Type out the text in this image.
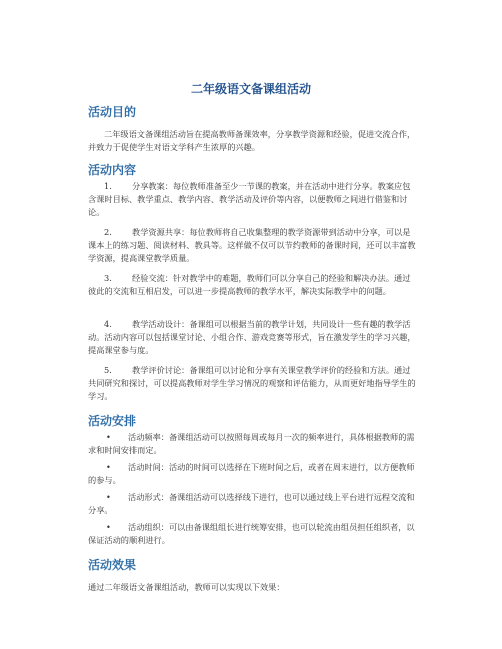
二年级语文备课组活动
活动目的
二年级语文备课组活动旨在提高教师备课效率，分享教学资源和经验，促进交流合作，并致力于促使学生对语文学科产生浓厚的兴趣。
活动内容
1. 分享教案：每位教师准备至少一节课的教案，并在活动中进行分享。教案应包含课时目标、教学重点、教学内容、教学活动及评价等内容，以便教师之间进行借鉴和讨论。
2. 教学资源共享：每位教师将自己收集整理的教学资源带到活动中分享，可以是课本上的练习题、阅读材料、教具等。这样做不仅可以节约教师的备课时间，还可以丰富教学资源，提高课堂教学质量。
3. 经验交流：针对教学中的难题，教师们可以分享自己的经验和解决办法。通过彼此的交流和互相启发，可以进一步提高教师的教学水平，解决实际教学中的问题。
4. 教学活动设计：备课组可以根据当前的教学计划，共同设计一些有趣的教学活动。活动内容可以包括课堂讨论、小组合作、游戏竞赛等形式，旨在激发学生的学习兴趣，提高课堂参与度。
5. 教学评价讨论：备课组可以讨论和分享有关课堂教学评价的经验和方法。通过共同研究和探讨，可以提高教师对学生学习情况的观察和评估能力，从而更好地指导学生的学习。
活动安排
• 活动频率：备课组活动可以按照每周或每月一次的频率进行，具体根据教师的需求和时间安排而定。
• 活动时间：活动的时间可以选择在下班时间之后，或者在周末进行，以方便教师的参与。
• 活动形式：备课组活动可以选择线下进行，也可以通过线上平台进行远程交流和分享。
• 活动组织：可以由备课组组长进行统筹安排，也可以轮流由组员担任组织者，以保证活动的顺利进行。
活动效果
通过二年级语文备课组活动，教师可以实现以下效果：
